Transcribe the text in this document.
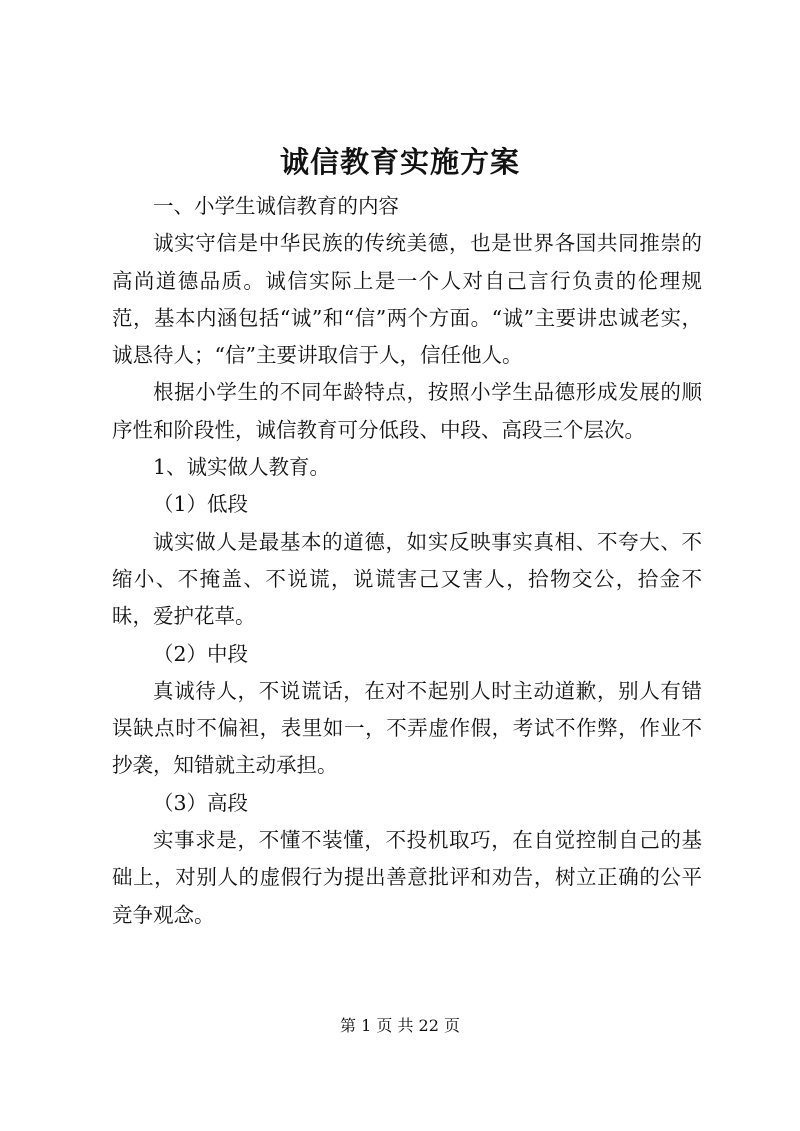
诚信教育实施方案

一、小学生诚信教育的内容

诚实守信是中华民族的传统美德，也是世界各国共同推崇的高尚道德品质。诚信实际上是一个人对自己言行负责的伦理规范，基本内涵包括“诚”和“信”两个方面。“诚”主要讲忠诚老实，诚恳待人；“信”主要讲取信于人，信任他人。

根据小学生的不同年龄特点，按照小学生品德形成发展的顺序性和阶段性，诚信教育可分低段、中段、高段三个层次。

1、诚实做人教育。

（1）低段

诚实做人是最基本的道德，如实反映事实真相、不夸大、不缩小、不掩盖、不说谎，说谎害己又害人，拾物交公，拾金不昧，爱护花草。

（2）中段

真诚待人，不说谎话，在对不起别人时主动道歉，别人有错误缺点时不偏袒，表里如一，不弄虚作假，考试不作弊，作业不抄袭，知错就主动承担。

（3）高段

实事求是，不懂不装懂，不投机取巧，在自觉控制自己的基础上，对别人的虚假行为提出善意批评和劝告，树立正确的公平竞争观念。

第 1 页 共 22 页
